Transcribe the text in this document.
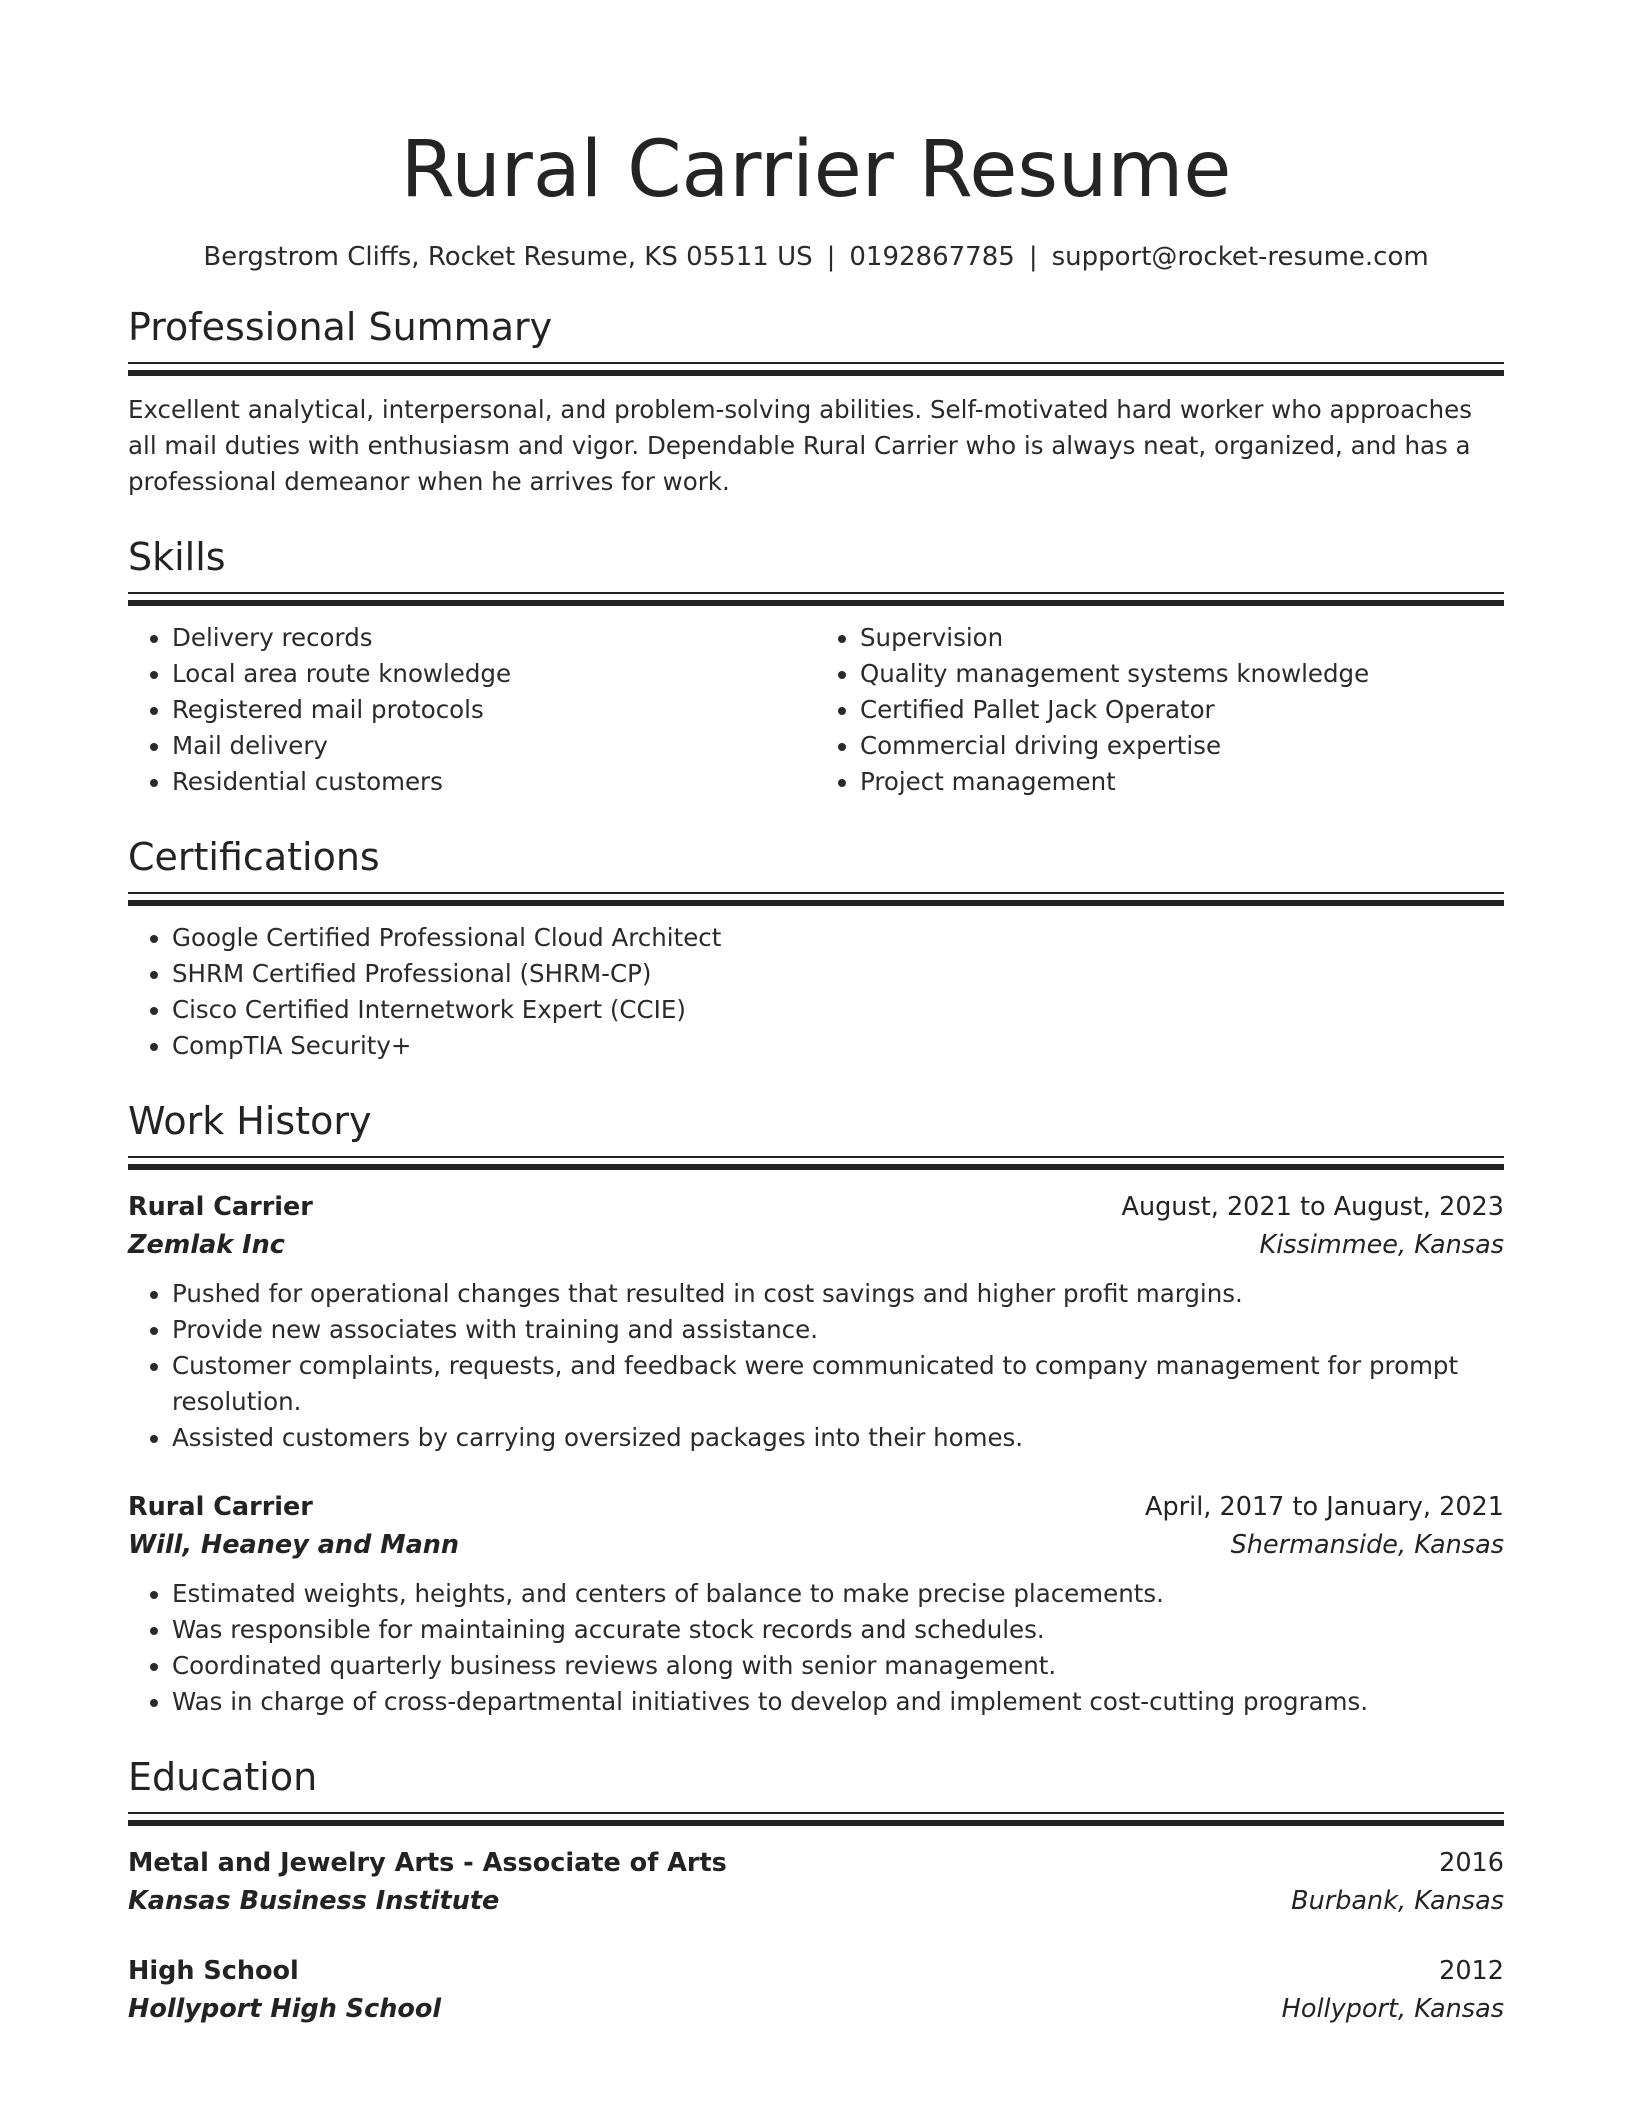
Rural Carrier Resume
Bergstrom Cliffs, Rocket Resume, KS 05511 US | 0192867785 | support@rocket-resume.com
Professional Summary
Excellent analytical, interpersonal, and problem-solving abilities. Self-motivated hard worker who approaches all mail duties with enthusiasm and vigor. Dependable Rural Carrier who is always neat, organized, and has a professional demeanor when he arrives for work.
Skills
• Delivery records
• Local area route knowledge
• Registered mail protocols
• Mail delivery
• Residential customers
• Supervision
• Quality management systems knowledge
• Certified Pallet Jack Operator
• Commercial driving expertise
• Project management
Certifications
• Google Certified Professional Cloud Architect
• SHRM Certified Professional (SHRM-CP)
• Cisco Certified Internetwork Expert (CCIE)
• CompTIA Security+
Work History
Rural Carrier	August, 2021 to August, 2023
Zemlak Inc	Kissimmee, Kansas
• Pushed for operational changes that resulted in cost savings and higher profit margins.
• Provide new associates with training and assistance.
• Customer complaints, requests, and feedback were communicated to company management for prompt resolution.
• Assisted customers by carrying oversized packages into their homes.
Rural Carrier	April, 2017 to January, 2021
Will, Heaney and Mann	Shermanside, Kansas
• Estimated weights, heights, and centers of balance to make precise placements.
• Was responsible for maintaining accurate stock records and schedules.
• Coordinated quarterly business reviews along with senior management.
• Was in charge of cross-departmental initiatives to develop and implement cost-cutting programs.
Education
Metal and Jewelry Arts - Associate of Arts	2016
Kansas Business Institute	Burbank, Kansas
High School	2012
Hollyport High School	Hollyport, Kansas
